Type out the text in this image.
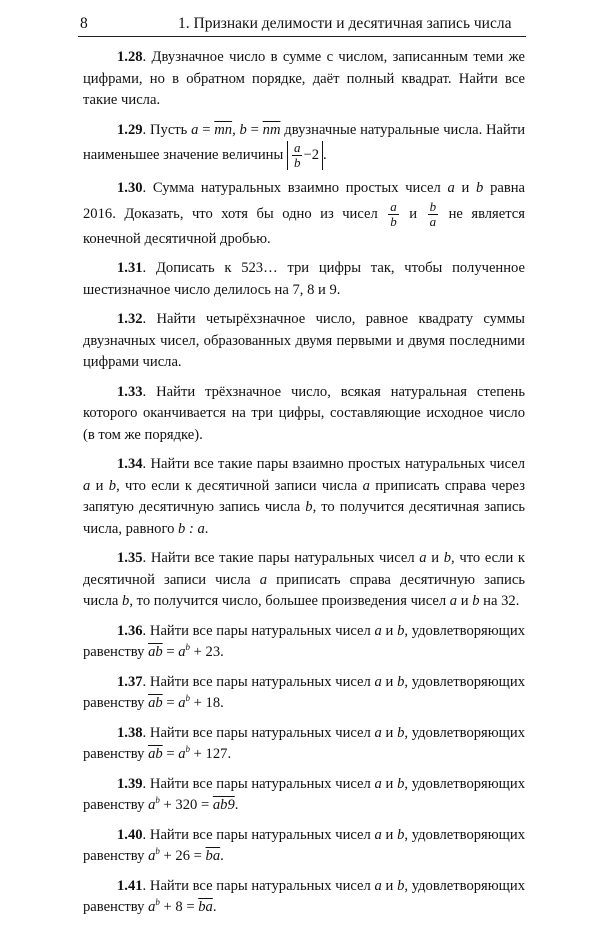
8	1. Признаки делимости и десятичная запись числа

1.28. Двузначное число в сумме с числом, записанным теми же цифрами, но в обратном порядке, даёт полный квадрат. Найти все такие числа.

1.29. Пусть $a = \overline{mn}$, $b = \overline{nm}$ двузначные натуральные числа. Найти наименьшее значение величины $\frac{a}{b} -2$ .

1.30. Сумма натуральных взаимно простых чисел a и b равна 2016. Доказать, что хотя бы одно из чисел $\frac{a}{b}$ и $\frac{b}{a}$ не является конечной десятичной дробью.

1.31. Дописать к 523… три цифры так, чтобы полученное шестизначное число делилось на 7, 8 и 9.

1.32. Найти четырёхзначное число, равное квадрату суммы двузначных чисел, образованных двумя первыми и двумя последними цифрами числа.

1.33. Найти трёхзначное число, всякая натуральная степень которого оканчивается на три цифры, составляющие исходное число (в том же порядке).

1.34. Найти все такие пары взаимно простых натуральных чисел a и b, что если к десятичной записи числа a приписать справа через запятую десятичную запись числа b, то получится десятичная запись числа, равного b : a.

1.35. Найти все такие пары натуральных чисел a и b, что если к десятичной записи числа a приписать справа десятичную запись числа b, то получится число, большее произведения чисел a и b на 32.

1.36. Найти все пары натуральных чисел a и b, удовлетворяющих равенству $\overline{ab} = a^b + 23$.

1.37. Найти все пары натуральных чисел a и b, удовлетворяющих равенству $\overline{ab} = a^b + 18$.

1.38. Найти все пары натуральных чисел a и b, удовлетворяющих равенству $\overline{ab} = a^b + 127$.

1.39. Найти все пары натуральных чисел a и b, удовлетворяющих равенству $a^b + 320 = ab9$.

1.40. Найти все пары натуральных чисел a и b, удовлетворяющих равенству $a^b + 26 = \overline{ba}$.

1.41. Найти все пары натуральных чисел a и b, удовлетворяющих равенству $a^b + 8 = \overline{ba}$.
